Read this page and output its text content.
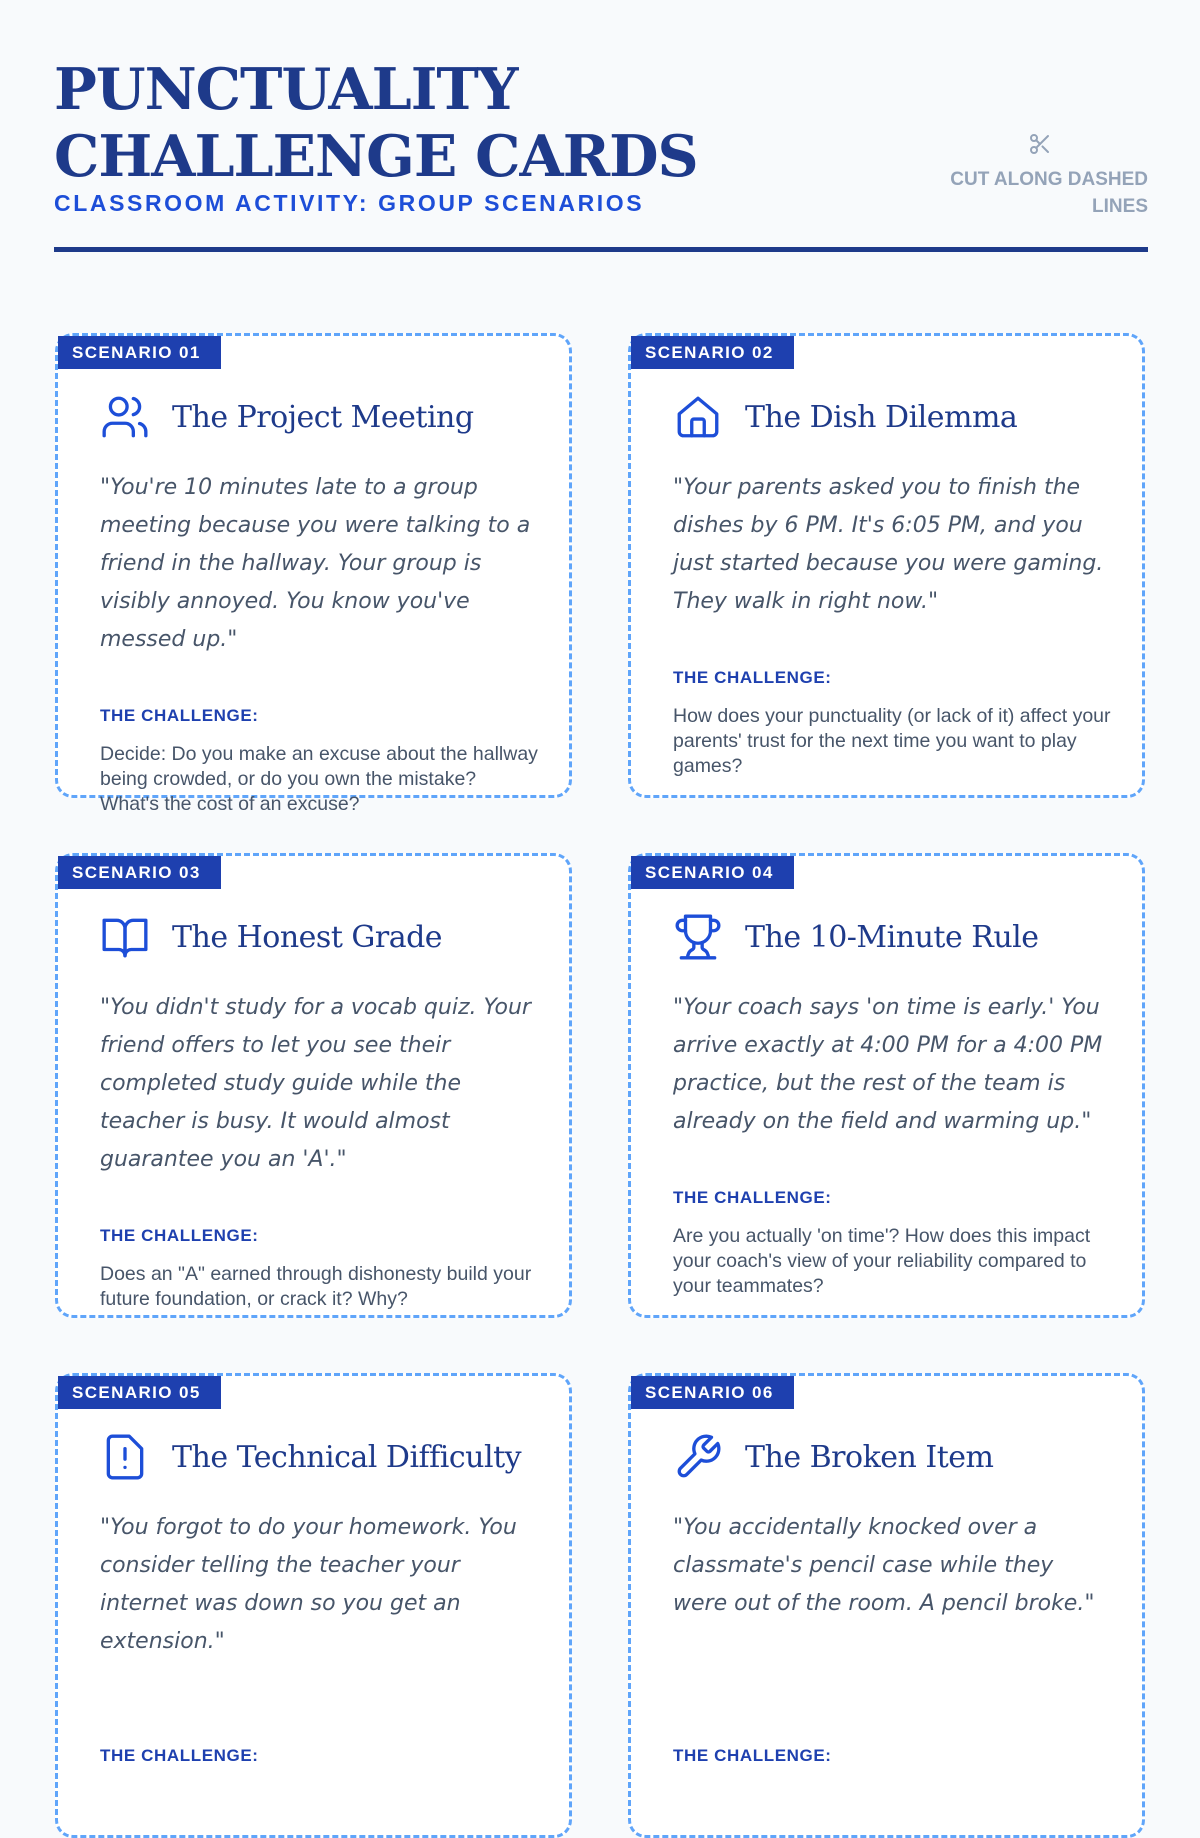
PUNCTUALITY CHALLENGE CARDS
CLASSROOM ACTIVITY: GROUP SCENARIOS
CUT ALONG DASHED LINES
SCENARIO 01
The Project Meeting
"You're 10 minutes late to a group meeting because you were talking to a friend in the hallway. Your group is visibly annoyed. You know you've messed up."
THE CHALLENGE:
Decide: Do you make an excuse about the hallway being crowded, or do you own the mistake? What's the cost of an excuse?
SCENARIO 02
The Dish Dilemma
"Your parents asked you to finish the dishes by 6 PM. It's 6:05 PM, and you just started because you were gaming. They walk in right now."
THE CHALLENGE:
How does your punctuality (or lack of it) affect your parents' trust for the next time you want to play games?
SCENARIO 03
The Honest Grade
"You didn't study for a vocab quiz. Your friend offers to let you see their completed study guide while the teacher is busy. It would almost guarantee you an 'A'."
THE CHALLENGE:
Does an "A" earned through dishonesty build your future foundation, or crack it? Why?
SCENARIO 04
The 10-Minute Rule
"Your coach says 'on time is early.' You arrive exactly at 4:00 PM for a 4:00 PM practice, but the rest of the team is already on the field and warming up."
THE CHALLENGE:
Are you actually 'on time'? How does this impact your coach's view of your reliability compared to your teammates?
SCENARIO 05
The Technical Difficulty
"You forgot to do your homework. You consider telling the teacher your internet was down so you get an extension."
THE CHALLENGE:
SCENARIO 06
The Broken Item
"You accidentally knocked over a classmate's pencil case while they were out of the room. A pencil broke."
THE CHALLENGE:
